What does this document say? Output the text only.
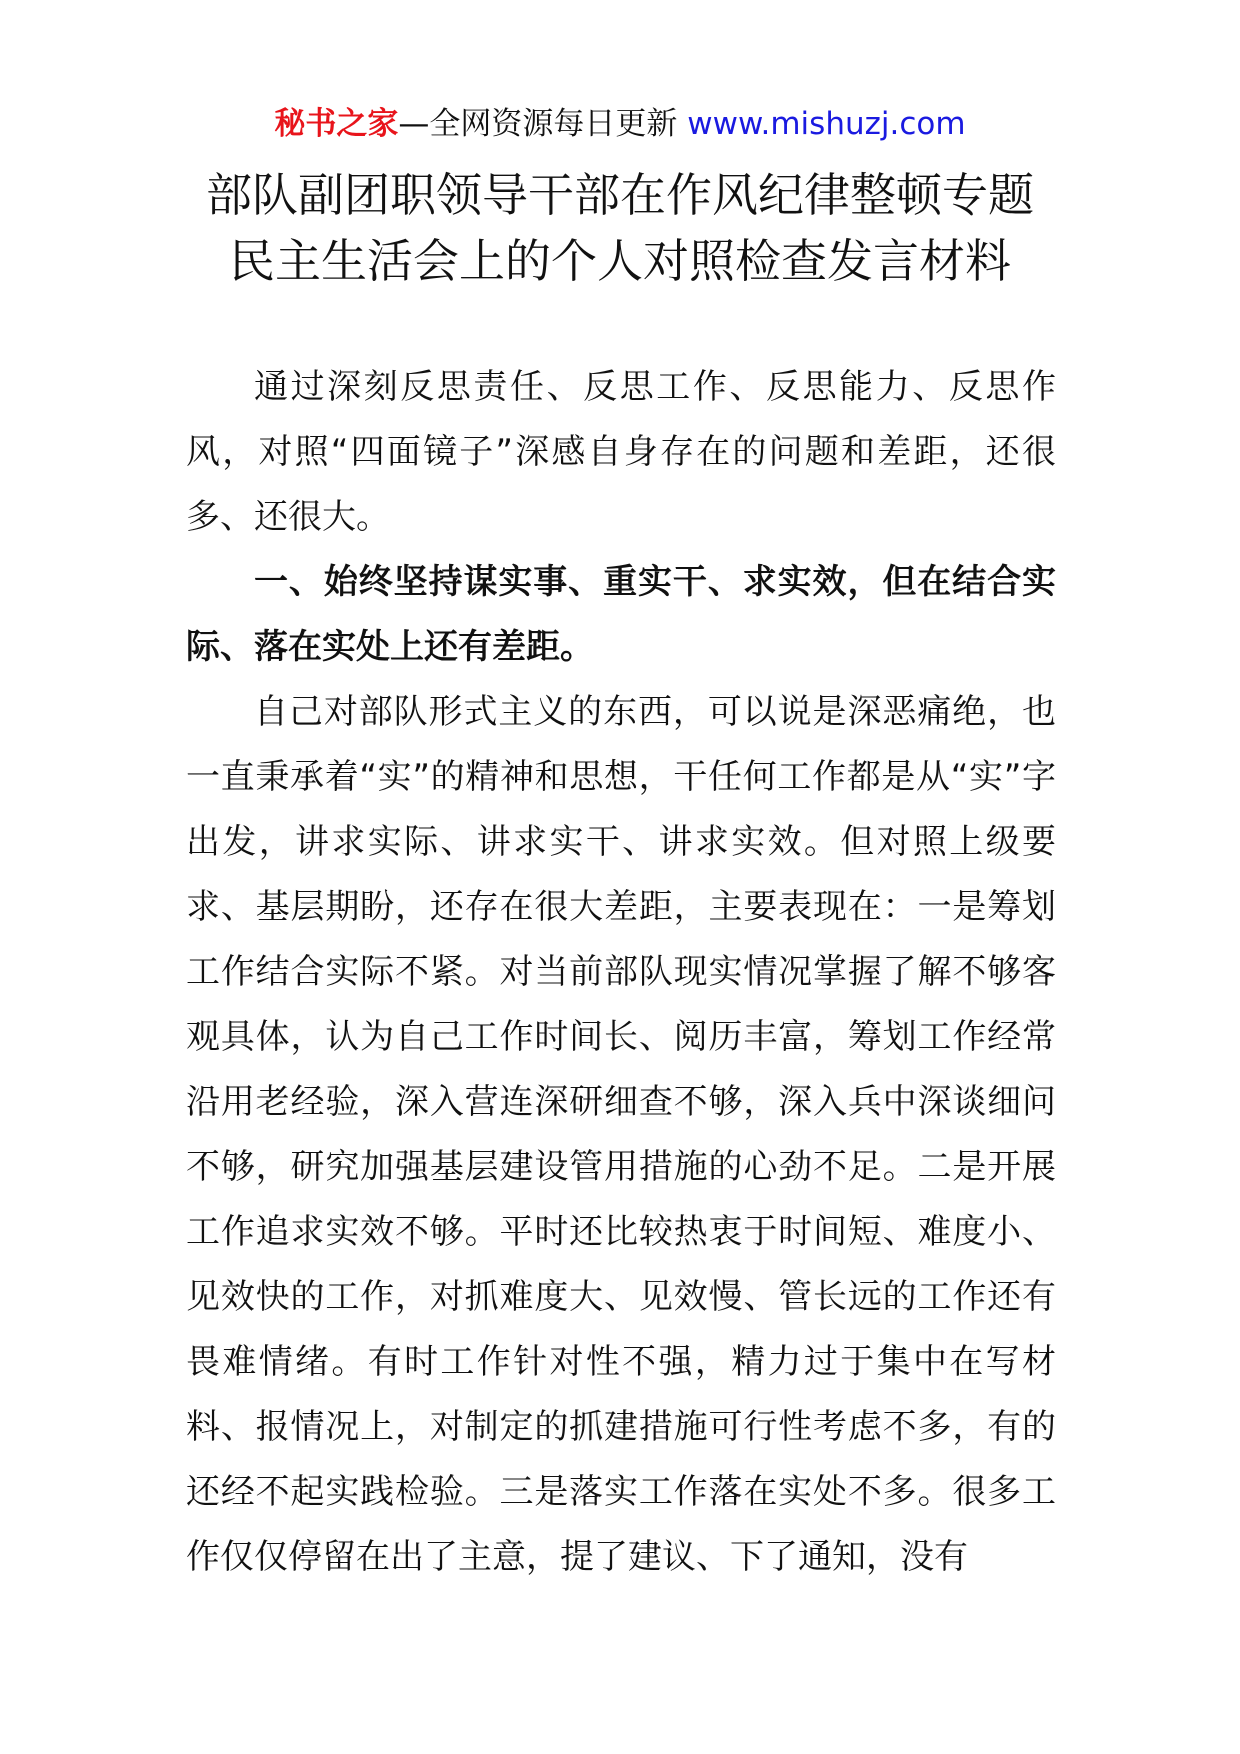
秘书之家—全网资源每日更新 www.mishuzj.com
部队副团职领导干部在作风纪律整顿专题
民主生活会上的个人对照检查发言材料

通过深刻反思责任、反思工作、反思能力、反思作风，对照“四面镜子”深感自身存在的问题和差距，还很多、还很大。

一、始终坚持谋实事、重实干、求实效，但在结合实际、落在实处上还有差距。

自己对部队形式主义的东西，可以说是深恶痛绝，也一直秉承着“实”的精神和思想，干任何工作都是从“实”字出发，讲求实际、讲求实干、讲求实效。但对照上级要求、基层期盼，还存在很大差距，主要表现在：一是筹划工作结合实际不紧。对当前部队现实情况掌握了解不够客观具体，认为自己工作时间长、阅历丰富，筹划工作经常沿用老经验，深入营连深研细查不够，深入兵中深谈细问不够，研究加强基层建设管用措施的心劲不足。二是开展工作追求实效不够。平时还比较热衷于时间短、难度小、见效快的工作，对抓难度大、见效慢、管长远的工作还有畏难情绪。有时工作针对性不强，精力过于集中在写材料、报情况上，对制定的抓建措施可行性考虑不多，有的还经不起实践检验。三是落实工作落在实处不多。很多工作仅仅停留在出了主意，提了建议、下了通知，没有
